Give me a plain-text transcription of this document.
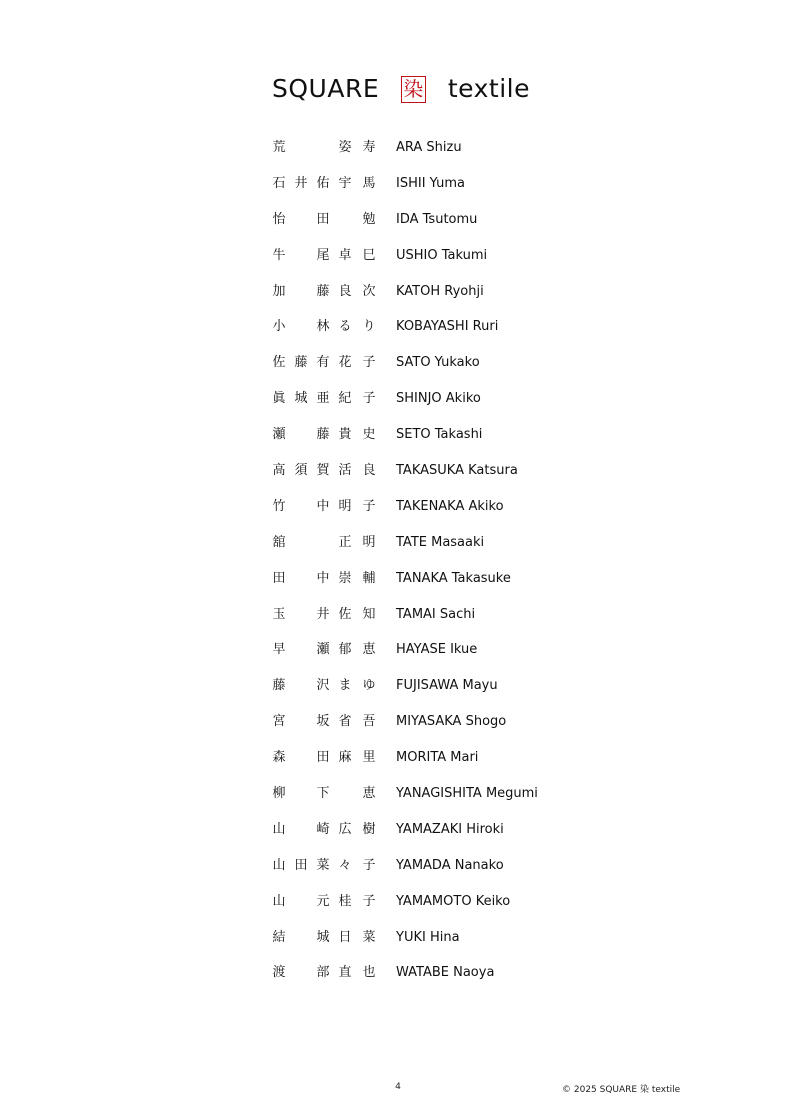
SQUARE 染 textile
荒	姿 寿 ARA Shizu
石 井 佑 宇 馬 ISHII Yuma
怡 田	勉 IDA Tsutomu
牛 尾 卓 巳 USHIO Takumi
加 藤 良 次 KATOH Ryohji
小 林 る り KOBAYASHI Ruri
佐 藤 有 花 子 SATO Yukako
眞 城 亜 紀 子 SHINJO Akiko
瀬 藤 貴 史 SETO Takashi
高 須 賀 活 良 TAKASUKA Katsura
竹 中 明 子 TAKENAKA Akiko
舘	正 明 TATE Masaaki
田 中 崇 輔 TANAKA Takasuke
玉 井 佐 知 TAMAI Sachi
早 瀬 郁 恵 HAYASE Ikue
藤 沢 ま ゆ FUJISAWA Mayu
宮 坂 省 吾 MIYASAKA Shogo
森 田 麻 里 MORITA Mari
柳 下	恵 YANAGISHITA Megumi
山 崎 広 樹 YAMAZAKI Hiroki
山 田 菜 々 子 YAMADA Nanako
山 元 桂 子 YAMAMOTO Keiko
結 城 日 菜 YUKI Hina
渡 部 直 也 WATABE Naoya
4	© 2025 SQUARE 染 textile
